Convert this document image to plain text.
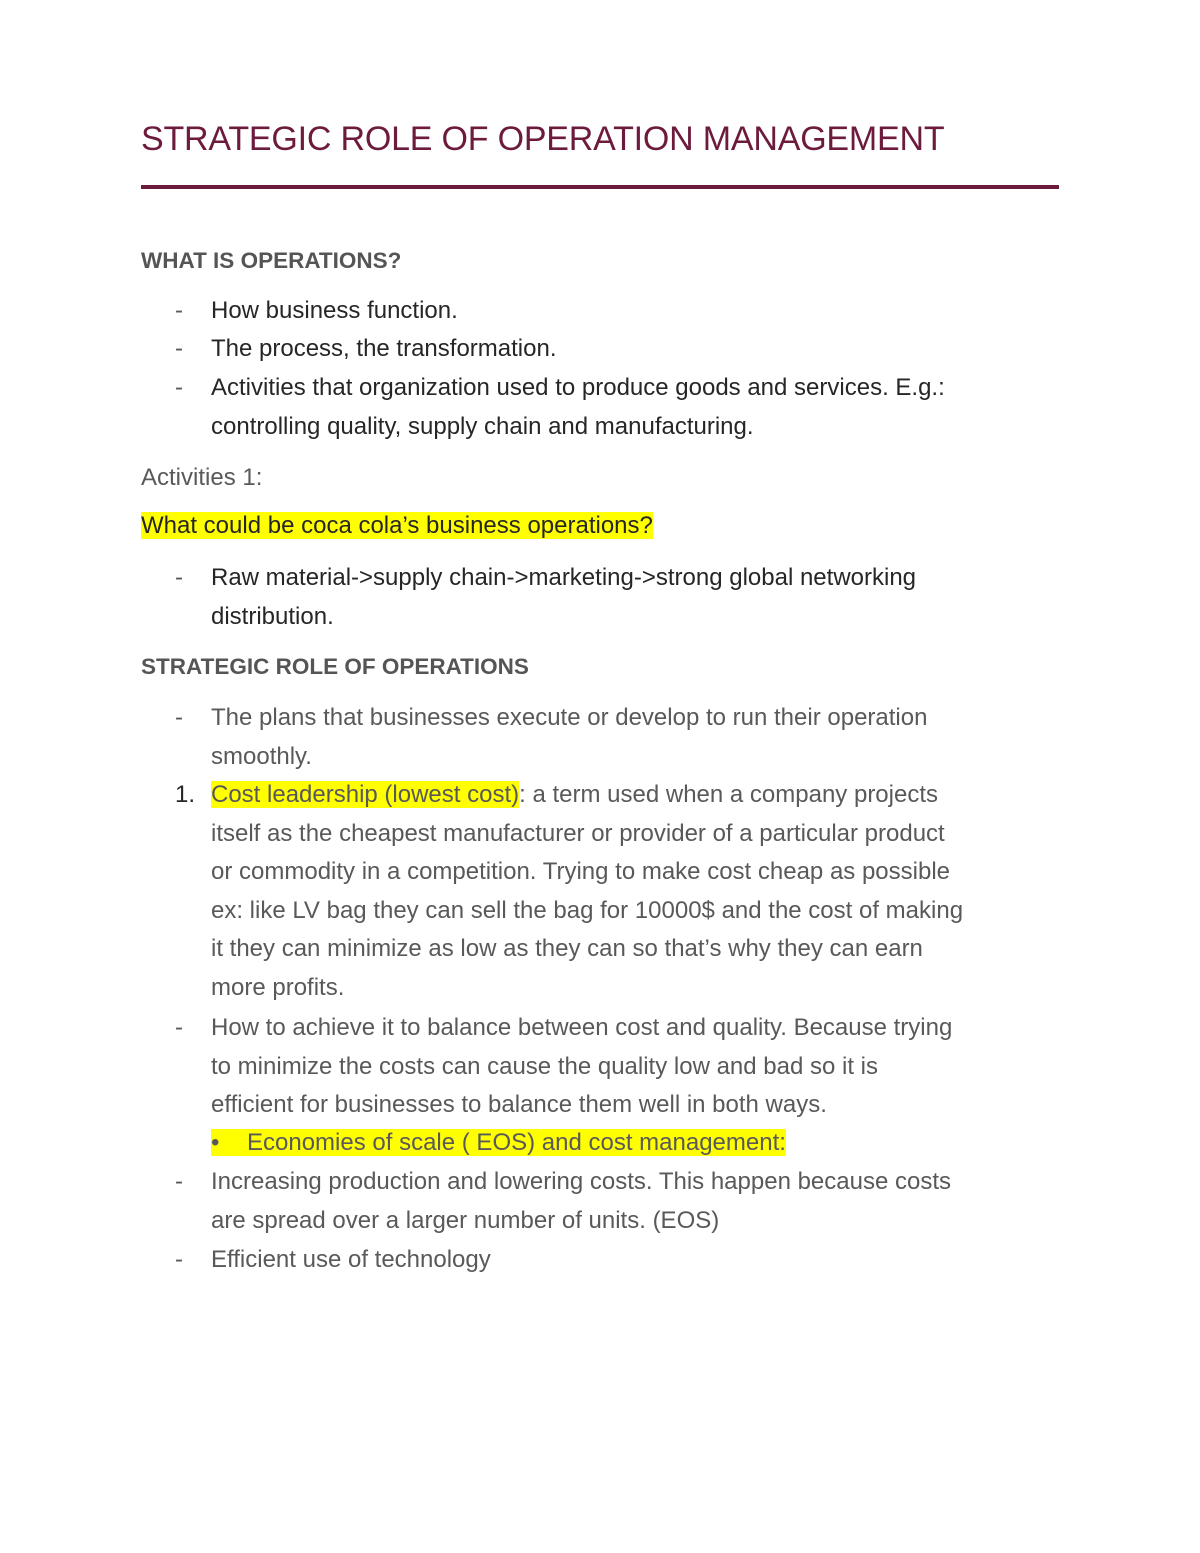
STRATEGIC ROLE OF OPERATION MANAGEMENT
WHAT IS OPERATIONS?
- How business function.
- The process, the transformation.
- Activities that organization used to produce goods and services. E.g.:
controlling quality, supply chain and manufacturing.

Activities 1:

What could be coca cola’s business operations?

- Raw material->supply chain->marketing->strong global networking
distribution.
STRATEGIC ROLE OF OPERATIONS
- The plans that businesses execute or develop to run their operation
smoothly.
1. Cost leadership (lowest cost): a term used when a company projects
itself as the cheapest manufacturer or provider of a particular product
or commodity in a competition. Trying to make cost cheap as possible
ex: like LV bag they can sell the bag for 10000$ and the cost of making
it they can minimize as low as they can so that’s why they can earn
more profits.
- How to achieve it to balance between cost and quality. Because trying
to minimize the costs can cause the quality low and bad so it is
efficient for businesses to balance them well in both ways.
• Economies of scale ( EOS) and cost management:
- Increasing production and lowering costs. This happen because costs
are spread over a larger number of units. (EOS)
- Efficient use of technology
